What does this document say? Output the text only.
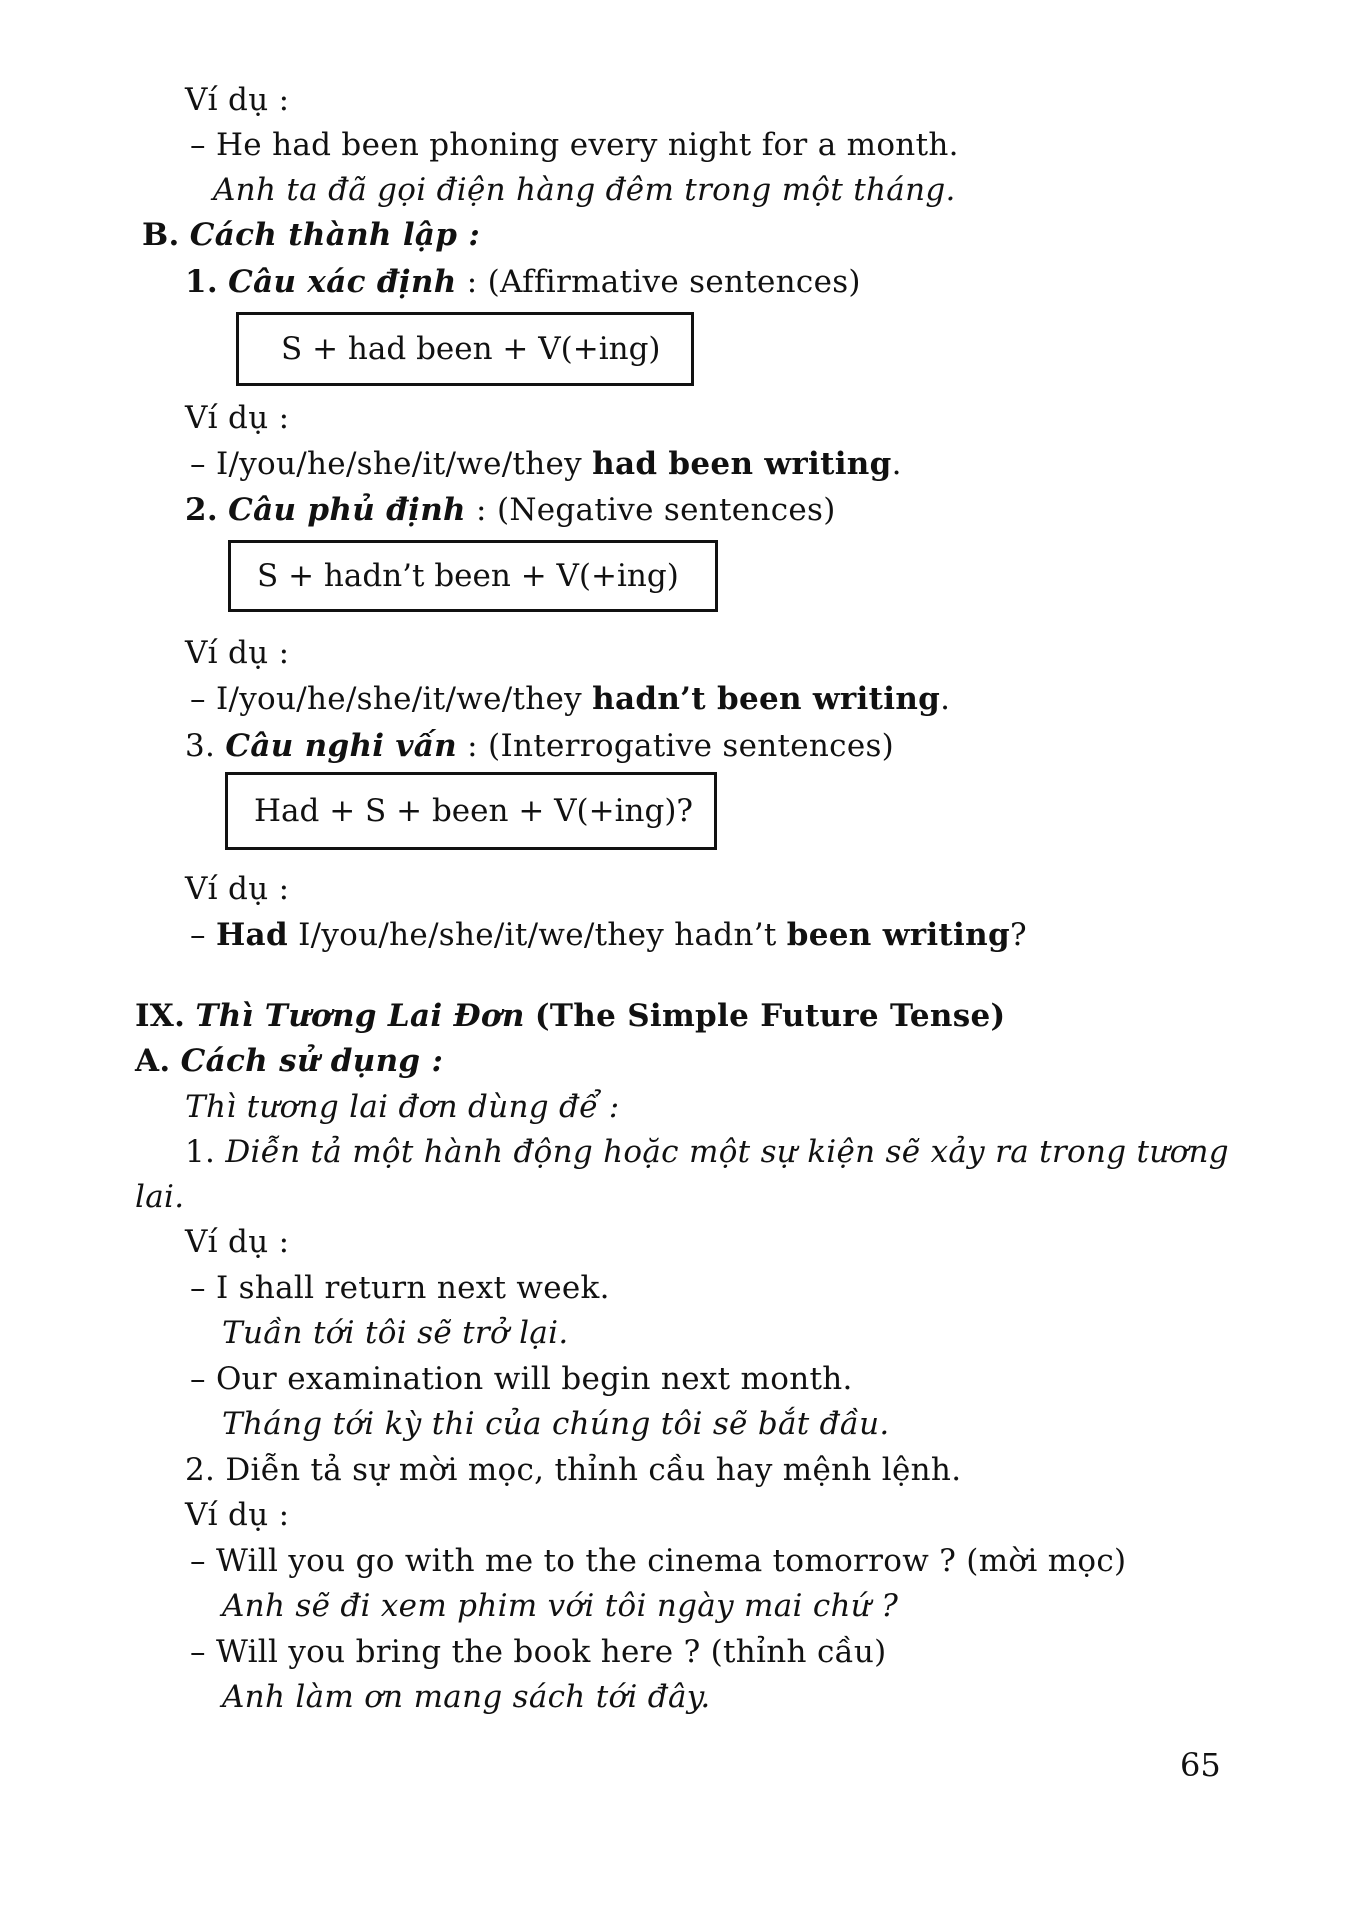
Ví dụ :
– He had been phoning every night for a month.
Anh ta đã gọi điện hàng đêm trong một tháng.
B. Cách thành lập :
1. Câu xác định : (Affirmative sentences)
S + had been + V(+ing)
Ví dụ :
– I/you/he/she/it/we/they had been writing.
2. Câu phủ định : (Negative sentences)
S + hadn’t been + V(+ing)
Ví dụ :
– I/you/he/she/it/we/they hadn’t been writing.
3. Câu nghi vấn : (Interrogative sentences)
Had + S + been + V(+ing)?
Ví dụ :
– Had I/you/he/she/it/we/they hadn’t been writing?
IX. Thì Tương Lai Đơn (The Simple Future Tense)
A. Cách sử dụng :
Thì tương lai đơn dùng để :
1. Diễn tả một hành động hoặc một sự kiện sẽ xảy ra trong tương
lai.
Ví dụ :
– I shall return next week.
Tuần tới tôi sẽ trở lại.
– Our examination will begin next month.
Tháng tới kỳ thi của chúng tôi sẽ bắt đầu.
2. Diễn tả sự mời mọc, thỉnh cầu hay mệnh lệnh.
Ví dụ :
– Will you go with me to the cinema tomorrow ? (mời mọc)
Anh sẽ đi xem phim với tôi ngày mai chứ ?
– Will you bring the book here ? (thỉnh cầu)
Anh làm ơn mang sách tới đây.
65
